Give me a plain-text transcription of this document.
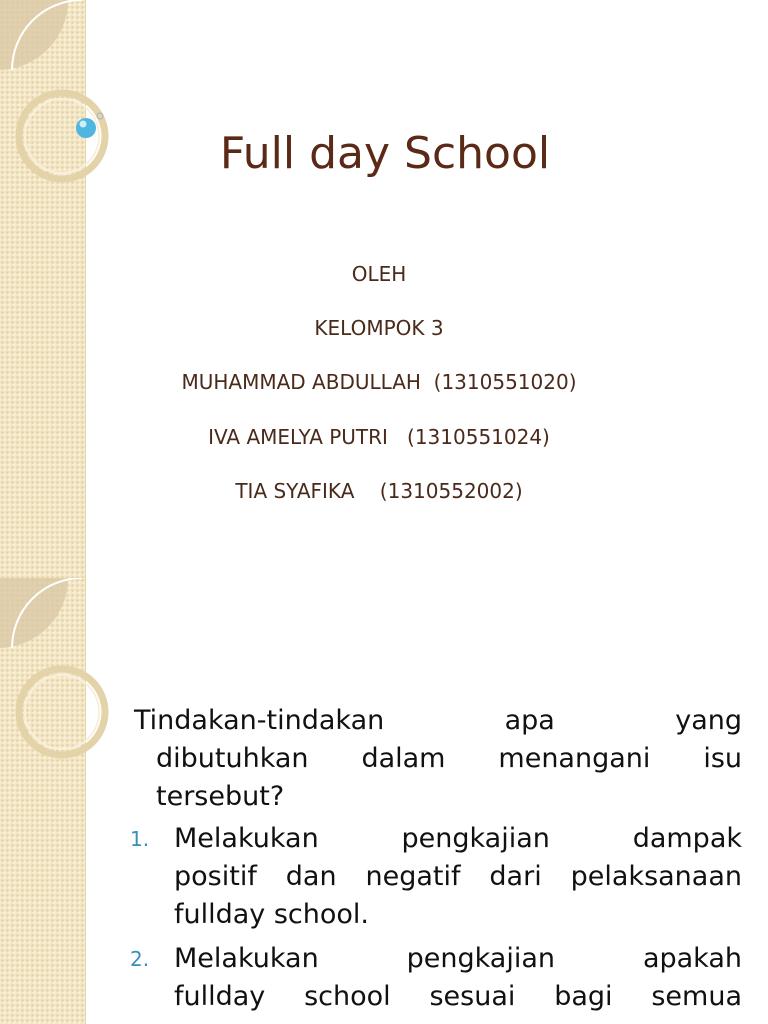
Full day School
OLEH
KELOMPOK 3
MUHAMMAD ABDULLAH  (1310551020)
IVA AMELYA PUTRI   (1310551024)
TIA SYAFIKA    (1310552002)
Tindakan-tindakan apa yang
dibutuhkan dalam menangani isu
tersebut?
1. Melakukan pengkajian dampak
positif dan negatif dari pelaksanaan
fullday school.
2. Melakukan pengkajian apakah
fullday school sesuai bagi semua
